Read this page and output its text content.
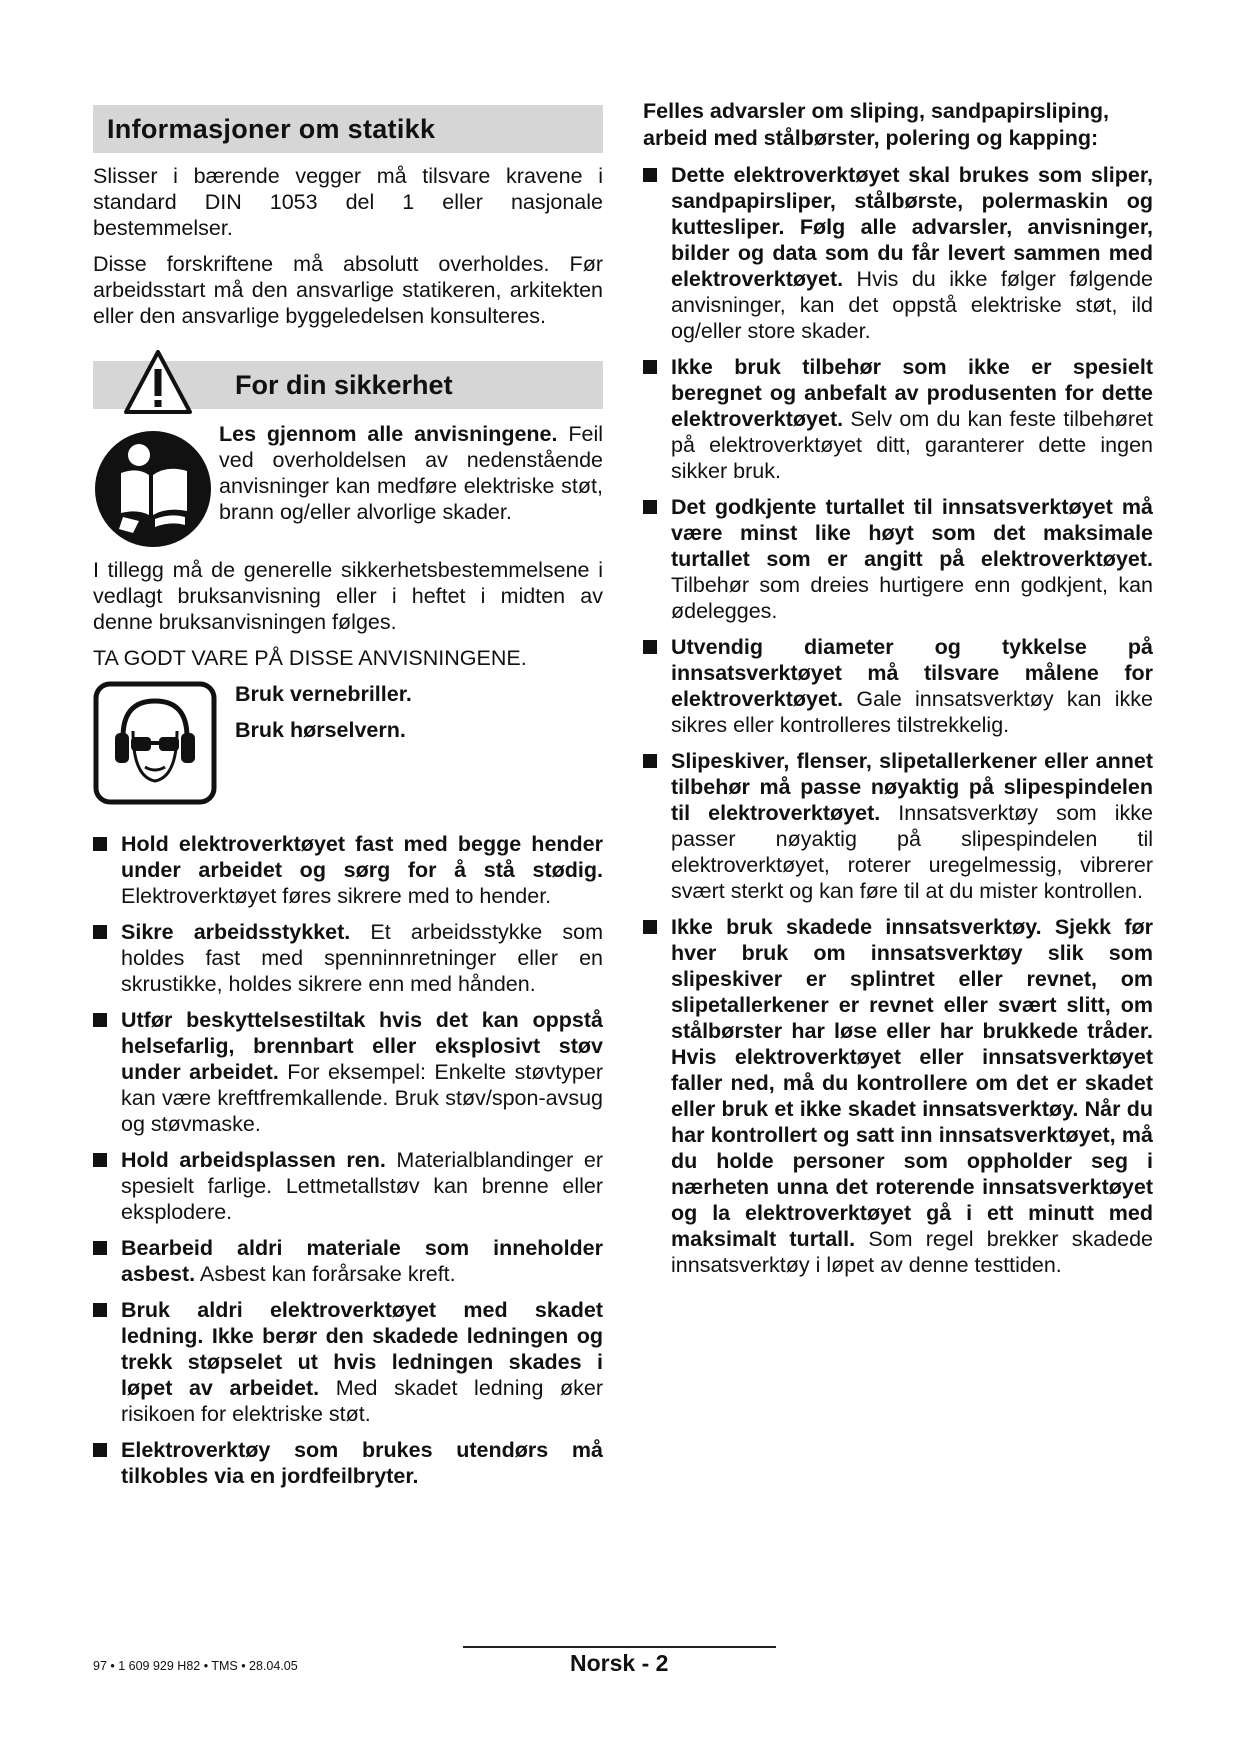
Informasjoner om statikk

Slisser i bærende vegger må tilsvare kravene i standard DIN 1053 del 1 eller nasjonale bestemmelser.

Disse forskriftene må absolutt overholdes. Før arbeidsstart må den ansvarlige statikeren, arkitekten eller den ansvarlige byggeledelsen konsulteres.

For din sikkerhet

Les gjennom alle anvisningene. Feil ved overholdelsen av nedenstående anvisninger kan medføre elektriske støt, brann og/eller alvorlige skader.

I tillegg må de generelle sikkerhetsbestemmelsene i vedlagt bruksanvisning eller i heftet i midten av denne bruksanvisningen følges.

TA GODT VARE PÅ DISSE ANVISNINGENE.

Bruk vernebriller.
Bruk hørselvern.
Hold elektroverktøyet fast med begge hender under arbeidet og sørg for å stå stødig. Elektroverktøyet føres sikrere med to hender.
Sikre arbeidsstykket. Et arbeidsstykke som holdes fast med spenninnretninger eller en skrustikke, holdes sikrere enn med hånden.
Utfør beskyttelsestiltak hvis det kan oppstå helsefarlig, brennbart eller eksplosivt støv under arbeidet. For eksempel: Enkelte støvtyper kan være kreftfremkallende. Bruk støv/spon-avsug og støvmaske.
Hold arbeidsplassen ren. Materialblandinger er spesielt farlige. Lettmetallstøv kan brenne eller eksplodere.
Bearbeid aldri materiale som inneholder asbest. Asbest kan forårsake kreft.
Bruk aldri elektroverktøyet med skadet ledning. Ikke berør den skadede ledningen og trekk støpselet ut hvis ledningen skades i løpet av arbeidet. Med skadet ledning øker risikoen for elektriske støt.
Elektroverktøy som brukes utendørs må tilkobles via en jordfeilbryter.
Felles advarsler om sliping, sandpapirsliping, arbeid med stålbørster, polering og kapping:
Dette elektroverktøyet skal brukes som sliper, sandpapirsliper, stålbørste, polermaskin og kuttesliper. Følg alle advarsler, anvisninger, bilder og data som du får levert sammen med elektroverktøyet. Hvis du ikke følger følgende anvisninger, kan det oppstå elektriske støt, ild og/eller store skader.
Ikke bruk tilbehør som ikke er spesielt beregnet og anbefalt av produsenten for dette elektroverktøyet. Selv om du kan feste tilbehøret på elektroverktøyet ditt, garanterer dette ingen sikker bruk.
Det godkjente turtallet til innsatsverktøyet må være minst like høyt som det maksimale turtallet som er angitt på elektroverktøyet. Tilbehør som dreies hurtigere enn godkjent, kan ødelegges.
Utvendig diameter og tykkelse på innsatsverktøyet må tilsvare målene for elektroverktøyet. Gale innsatsverktøy kan ikke sikres eller kontrolleres tilstrekkelig.
Slipeskiver, flenser, slipetallerkener eller annet tilbehør må passe nøyaktig på slipespindelen til elektroverktøyet. Innsatsverktøy som ikke passer nøyaktig på slipespindelen til elektroverktøyet, roterer uregelmessig, vibrerer svært sterkt og kan føre til at du mister kontrollen.
Ikke bruk skadede innsatsverktøy. Sjekk før hver bruk om innsatsverktøy slik som slipeskiver er splintret eller revnet, om slipetallerkener er revnet eller svært slitt, om stålbørster har løse eller har brukkede tråder. Hvis elektroverktøyet eller innsatsverktøyet faller ned, må du kontrollere om det er skadet eller bruk et ikke skadet innsatsverktøy. Når du har kontrollert og satt inn innsatsverktøyet, må du holde personer som oppholder seg i nærheten unna det roterende innsatsverktøyet og la elektroverktøyet gå i ett minutt med maksimalt turtall. Som regel brekker skadede innsatsverktøy i løpet av denne testtiden.
97 • 1 609 929 H82 • TMS • 28.04.05	Norsk - 2
